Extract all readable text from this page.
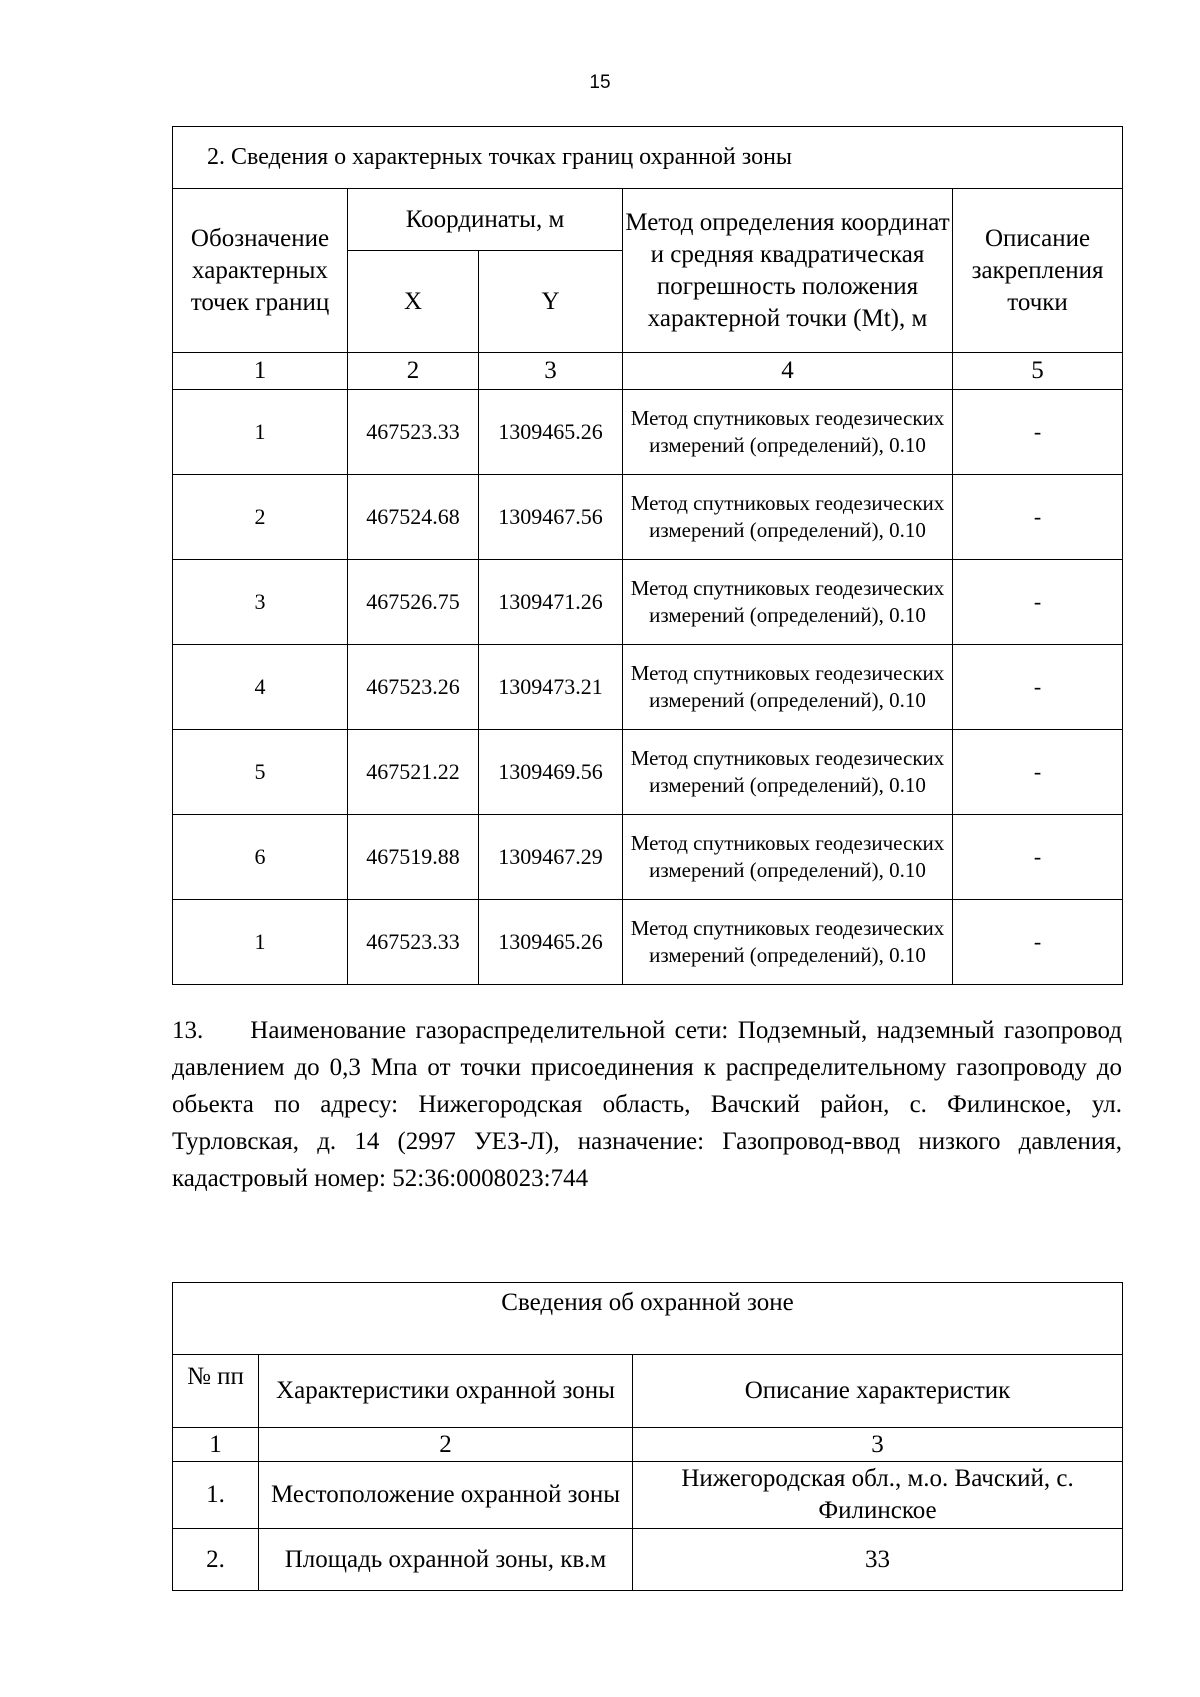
15
2. Сведения о характерных точках границ охранной зоны				
Обозначение характерных точек границ	Координаты, м		Метод определения координат и средняя квадратическая погрешность положения характерной точки (Mt), м	Описание закрепления точки
	X	Y		
1	2	3	4	5
1	467523.33	1309465.26	Метод спутниковых геодезических измерений (определений), 0.10	-
2	467524.68	1309467.56	Метод спутниковых геодезических измерений (определений), 0.10	-
3	467526.75	1309471.26	Метод спутниковых геодезических измерений (определений), 0.10	-
4	467523.26	1309473.21	Метод спутниковых геодезических измерений (определений), 0.10	-
5	467521.22	1309469.56	Метод спутниковых геодезических измерений (определений), 0.10	-
6	467519.88	1309467.29	Метод спутниковых геодезических измерений (определений), 0.10	-
1	467523.33	1309465.26	Метод спутниковых геодезических измерений (определений), 0.10	-

13.     Наименование газораспределительной сети: Подземный, надземный газопровод давлением до 0,3 Мпа от точки присоединения к распределительному газопроводу до обьекта по адресу: Нижегородская область, Вачский район, с. Филинское, ул. Турловская, д. 14 (2997 УЕЗ-Л), назначение: Газопровод-ввод низкого давления, кадастровый номер: 52:36:0008023:744

Сведения об охранной зоне		
№ пп	Характеристики охранной зоны	Описание характеристик
1	2	3
1.	Местоположение охранной зоны	Нижегородская обл., м.о. Вачский, с. Филинское
2.	Площадь охранной зоны, кв.м	33
